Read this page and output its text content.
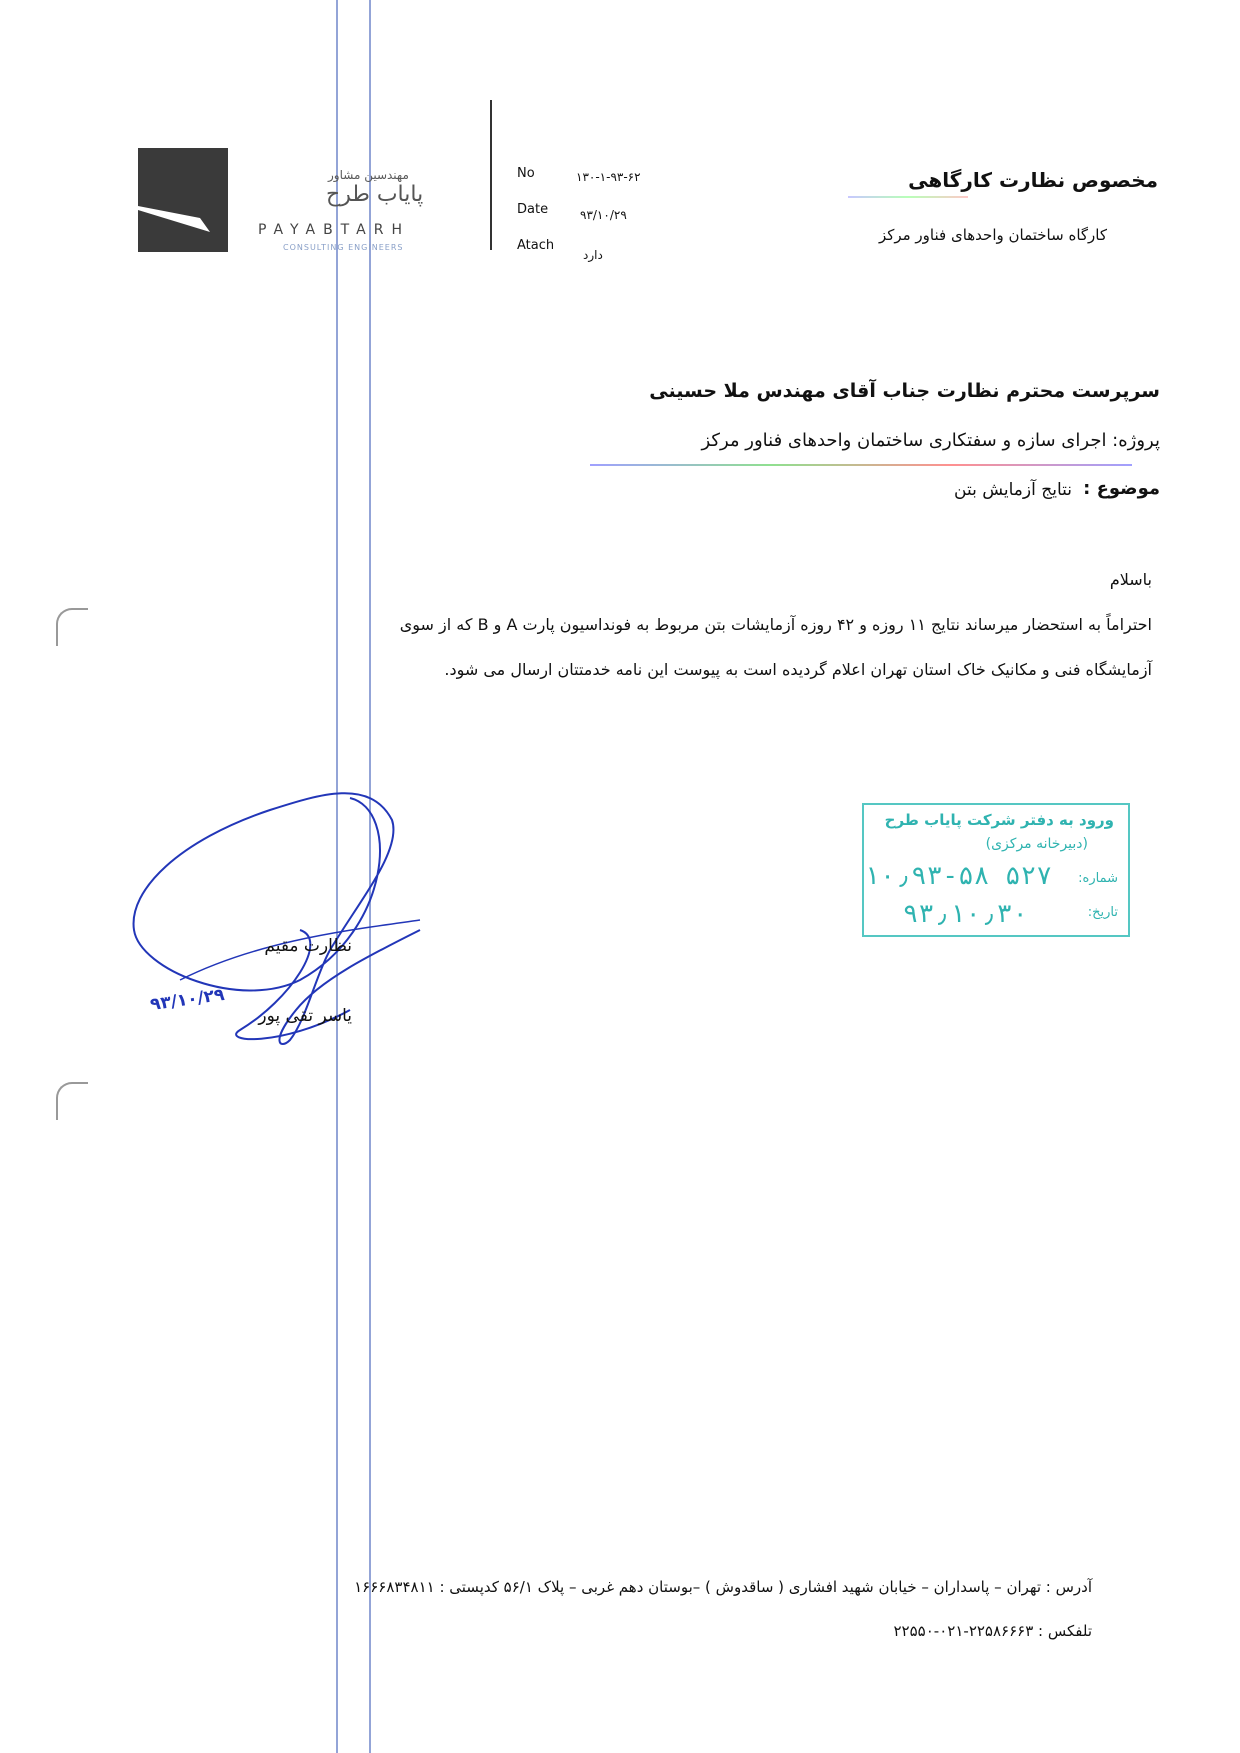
مهندسین مشاور
پایاب طرح
PAYABTARH
CONSULTING ENGINEERS
No	۱۳۰-۱-۹۳-۶۲
Date	۹۳/۱۰/۲۹
Atach
دارد
مخصوص نظارت کارگاهی
کارگاه ساختمان واحدهای فناور مرکز
سرپرست محترم نظارت جناب آقای مهندس ملا حسینی
پروژه: اجرای سازه و سفتکاری ساختمان واحدهای فناور مرکز
موضوع :
نتایج آزمایش بتن
باسلام
احتراماً به استحضار میرساند نتایج ۱۱ روزه و ۴۲ روزه آزمایشات بتن مربوط به فونداسیون پارت A و B که از سوی
آزمایشگاه فنی و مکانیک خاک استان تهران اعلام گردیده است به پیوست این نامه خدمتتان ارسال می شود.
ورود به دفتر شرکت پایاب طرح
(دبیرخانه مرکزی)
شماره:
۱۰٫۹۳-۵۸ ۵۲۷
تاریخ:
۹۳٫۱۰٫۳۰
نظارت مقیم
یاسر تقی پور
۹۳/۱۰/۲۹
آدرس : تهران – پاسداران – خیابان شهید افشاری ( ساقدوش ) –بوستان دهم غربی – پلاک ۵۶/۱ کدپستی : ۱۶۶۶۸۳۴۸۱۱
تلفکس : ۲۲۵۸۶۶۶۳-۰۲۱-۲۲۵۵۰
